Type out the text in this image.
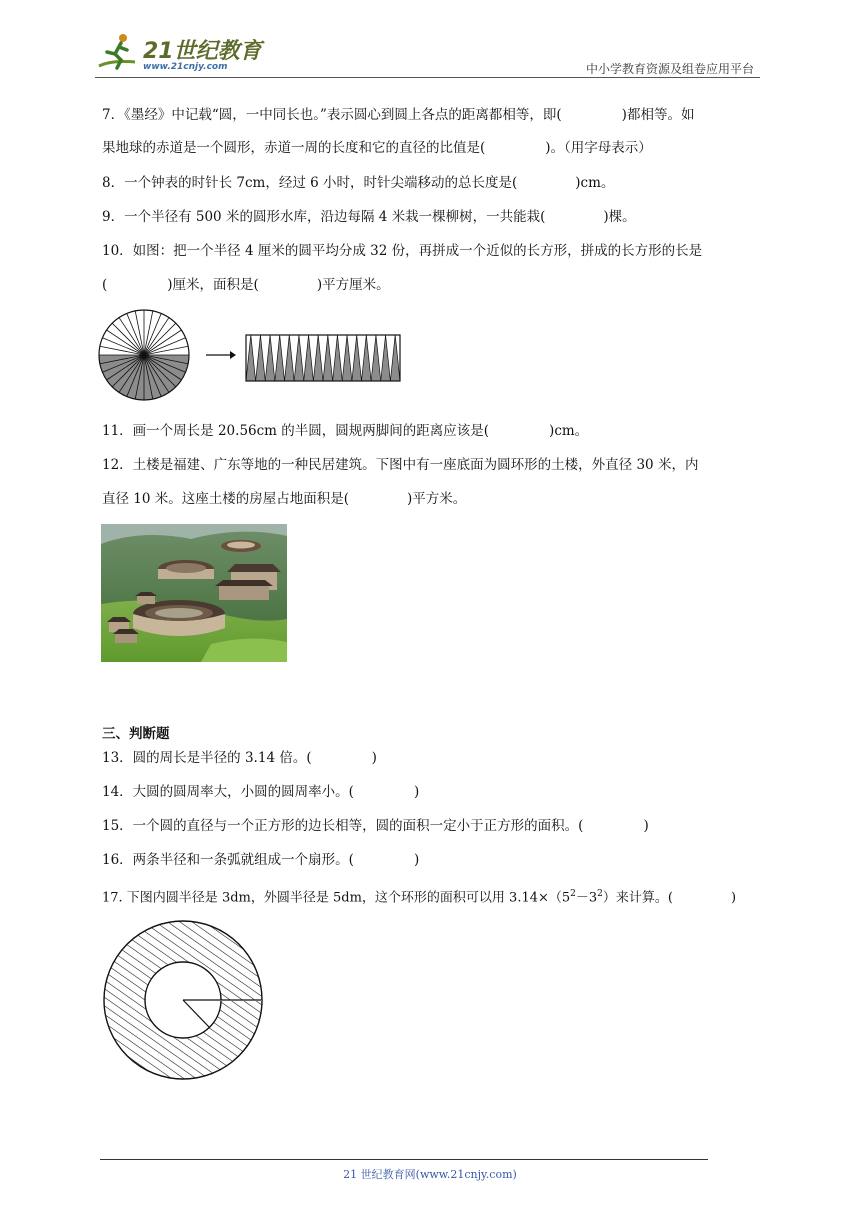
21世纪教育
www.21cnjy.com	中小学教育资源及组卷应用平台
7．《墨经》中记载“圆，一中同长也。”表示圆心到圆上各点的距离都相等，即(	)都相等。如
果地球的赤道是一个圆形，赤道一周的长度和它的直径的比值是(	)。（用字母表示）
8．一个钟表的时针长 7cm，经过 6 小时，时针尖端移动的总长度是(	)cm。
9．一个半径有 500 米的圆形水库，沿边每隔 4 米栽一棵柳树，一共能栽(	)棵。
10．如图：把一个半径 4 厘米的圆平均分成 32 份，再拼成一个近似的长方形，拼成的长方形的长是
(	)厘米，面积是(	)平方厘米。
11．画一个周长是 20.56cm 的半圆，圆规两脚间的距离应该是(	)cm。
12．土楼是福建、广东等地的一种民居建筑。下图中有一座底面为圆环形的土楼，外直径 30 米，内
直径 10 米。这座土楼的房屋占地面积是(	)平方米。
三、判断题
13．圆的周长是半径的 3.14 倍。(	)
14．大圆的圆周率大，小圆的圆周率小。(	)
15．一个圆的直径与一个正方形的边长相等，圆的面积一定小于正方形的面积。(	)
16．两条半径和一条弧就组成一个扇形。(	)
17. 下图内圆半径是 3dm，外圆半径是 5dm，这个环形的面积可以用 $3.14\times(5^2-3^2)$来计算。(	)
21 世纪教育网(www.21cnjy.com)
